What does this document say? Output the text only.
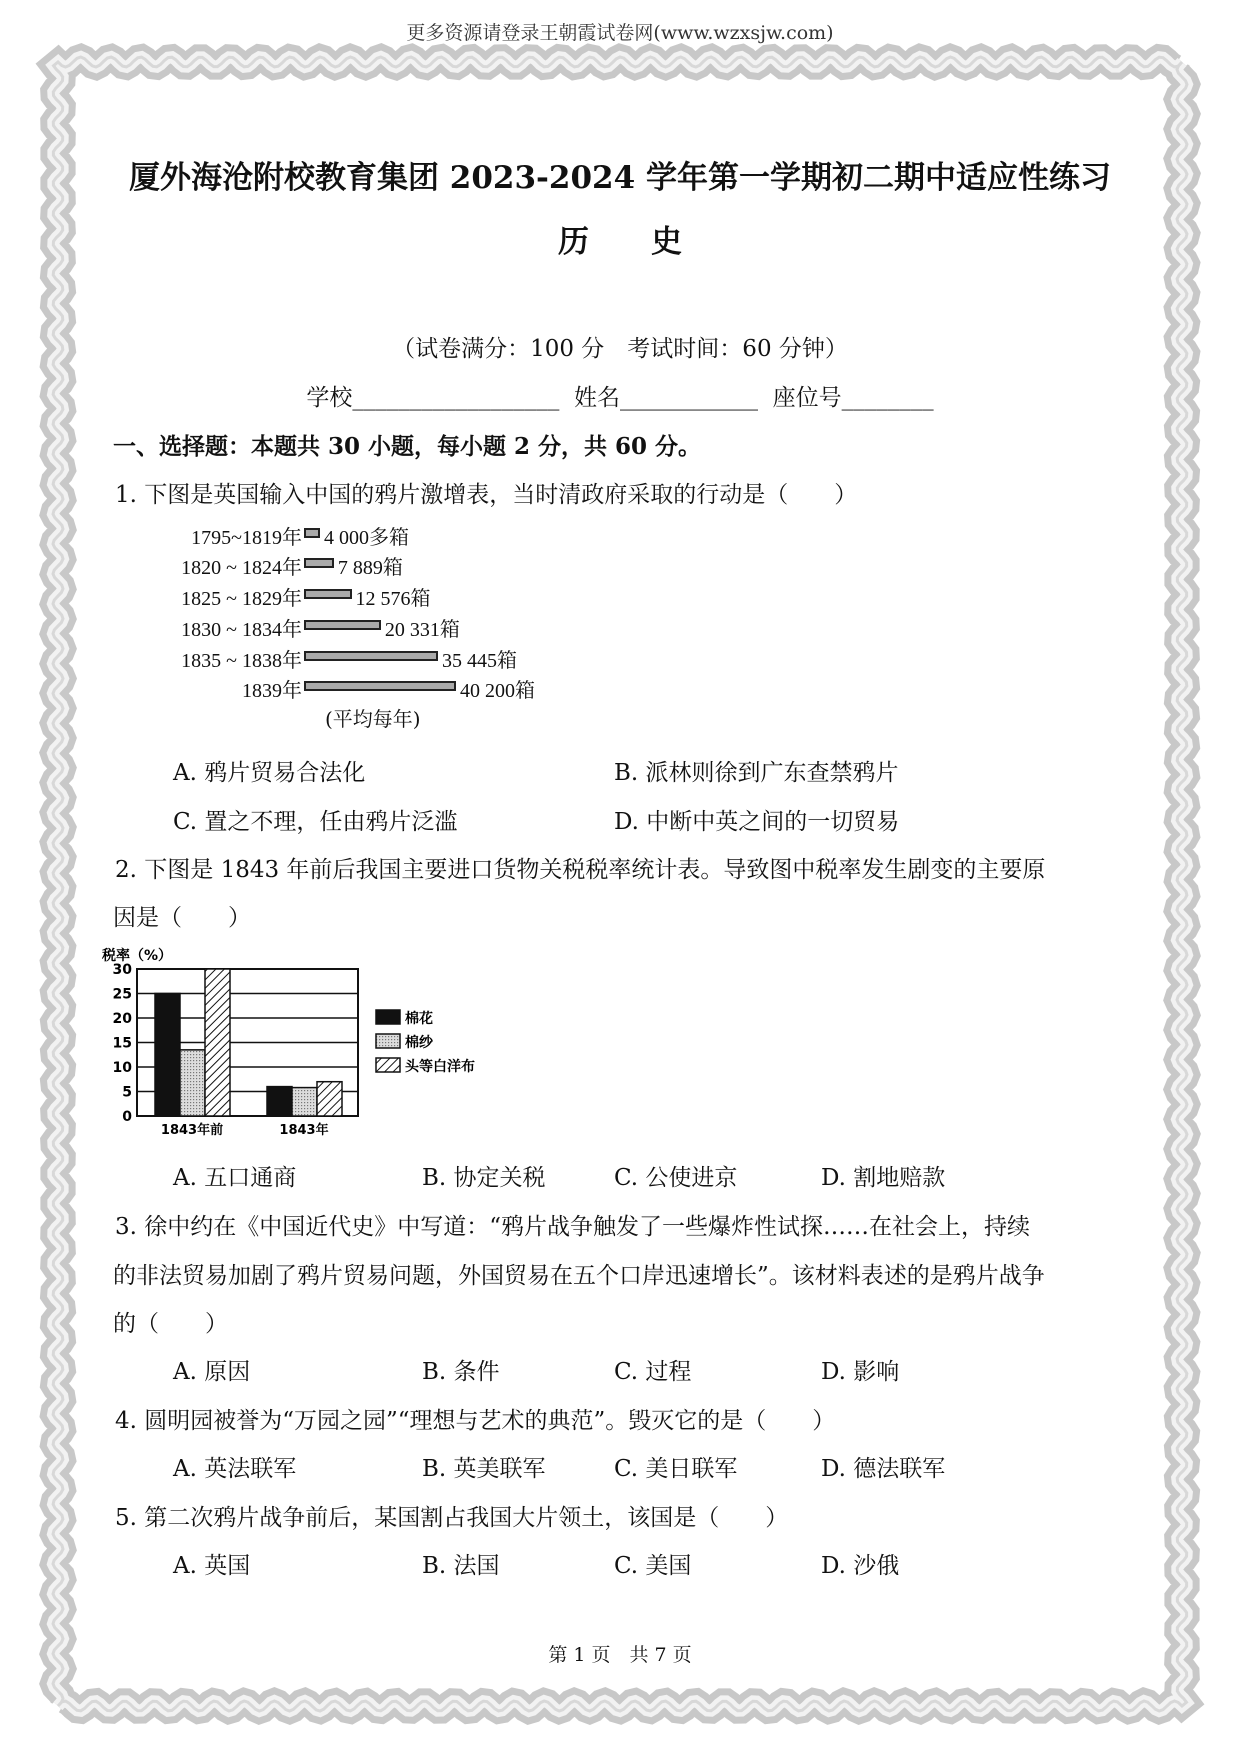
更多资源请登录王朝霞试卷网(www.wzxsjw.com)
厦外海沧附校教育集团 2023-2024 学年第一学期初二期中适应性练习
历　　史
（试卷满分：100 分　考试时间：60 分钟）
学校__________________  姓名____________  座位号________
一、选择题：本题共 30 小题，每小题 2 分，共 60 分。
1. 下图是英国输入中国的鸦片激增表，当时清政府采取的行动是（　　）
1795~1819年 4 000多箱
1820 ~ 1824年 7 889箱
1825 ~ 1829年	12 576箱
1830 ~ 1834年	20 331箱
1835 ~ 1838年	35 445箱
1839年	40 200箱
(平均每年)
A. 鸦片贸易合法化	B. 派林则徐到广东查禁鸦片
C. 置之不理，任由鸦片泛滥	D. 中断中英之间的一切贸易
2. 下图是 1843 年前后我国主要进口货物关税税率统计表。导致图中税率发生剧变的主要原
因是（　　）
税率（%）
0
5
10
15
20
25
30
1843年前	1843年
棉花
棉纱
头等白洋布
A. 五口通商	B. 协定关税	C. 公使进京	D. 割地赔款
3. 徐中约在《中国近代史》中写道：“鸦片战争触发了一些爆炸性试探……在社会上，持续
的非法贸易加剧了鸦片贸易问题，外国贸易在五个口岸迅速增长”。该材料表述的是鸦片战争
的（　　）
A. 原因	B. 条件	C. 过程	D. 影响
4. 圆明园被誉为“万园之园”“理想与艺术的典范”。毁灭它的是（　　）
A. 英法联军	B. 英美联军	C. 美日联军	D. 德法联军
5. 第二次鸦片战争前后，某国割占我国大片领土，该国是（　　）
A. 英国	B. 法国	C. 美国	D. 沙俄
第 1 页　共 7 页
